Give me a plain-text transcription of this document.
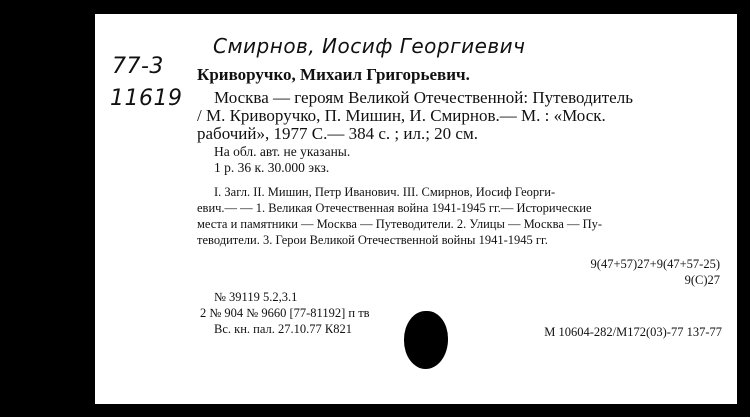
Смирнов, Иосиф Георгиевич
77-3
11619
Криворучко, Михаил Григорьевич.
Москва — героям Великой Отечественной: Путеводитель
/ М. Криворучко, П. Мишин, И. Смирнов.— М. : «Моск.
рабочий», 1977 С.— 384 с. ; ил.; 20 см.
На обл. авт. не указаны.
1 р. 36 к. 30.000 экз.
I. Загл. II. Мишин, Петр Иванович. III. Смирнов, Иосиф Георги-
евич.— — 1. Великая Отечественная война 1941-1945 гг.— Исторические
места и памятники — Москва — Путеводители. 2. Улицы — Москва — Пу-
теводители. 3. Герои Великой Отечественной войны 1941-1945 гг.
9(47+57)27+9(47+57-25)
9(С)27
№ 39119 5.2,3.1
2 № 904 № 9660 [77-81192] п тв
Вс. кн. пал. 27.10.77 К821	М 10604-282/М172(03)-77 137-77
